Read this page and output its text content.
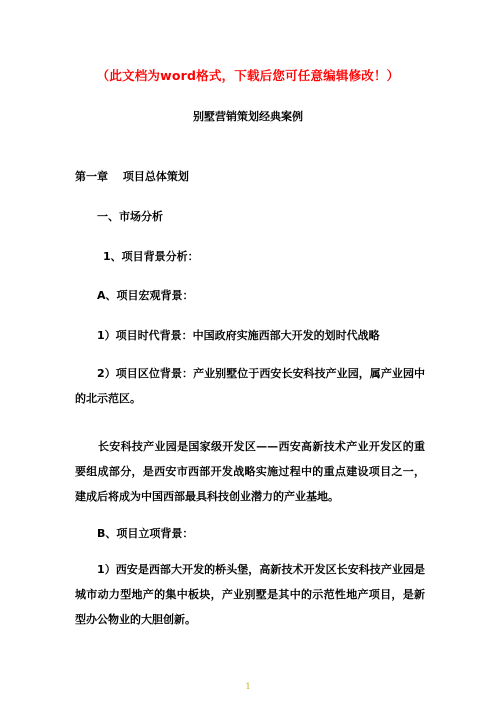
（此文档为word格式，下载后您可任意编辑修改！）
别墅营销策划经典案例
第一章　 项目总体策划
一、市场分析
1、项目背景分析：
A、项目宏观背景：
1）项目时代背景：中国政府实施西部大开发的划时代战略
2）项目区位背景：产业别墅位于西安长安科技产业园，属产业园中的北示范区。
长安科技产业园是国家级开发区——西安高新技术产业开发区的重要组成部分，是西安市西部开发战略实施过程中的重点建设项目之一，建成后将成为中国西部最具科技创业潜力的产业基地。
B、项目立项背景：
1）西安是西部大开发的桥头堡，高新技术开发区长安科技产业园是城市动力型地产的集中板块，产业别墅是其中的示范性地产项目，是新型办公物业的大胆创新。
1
